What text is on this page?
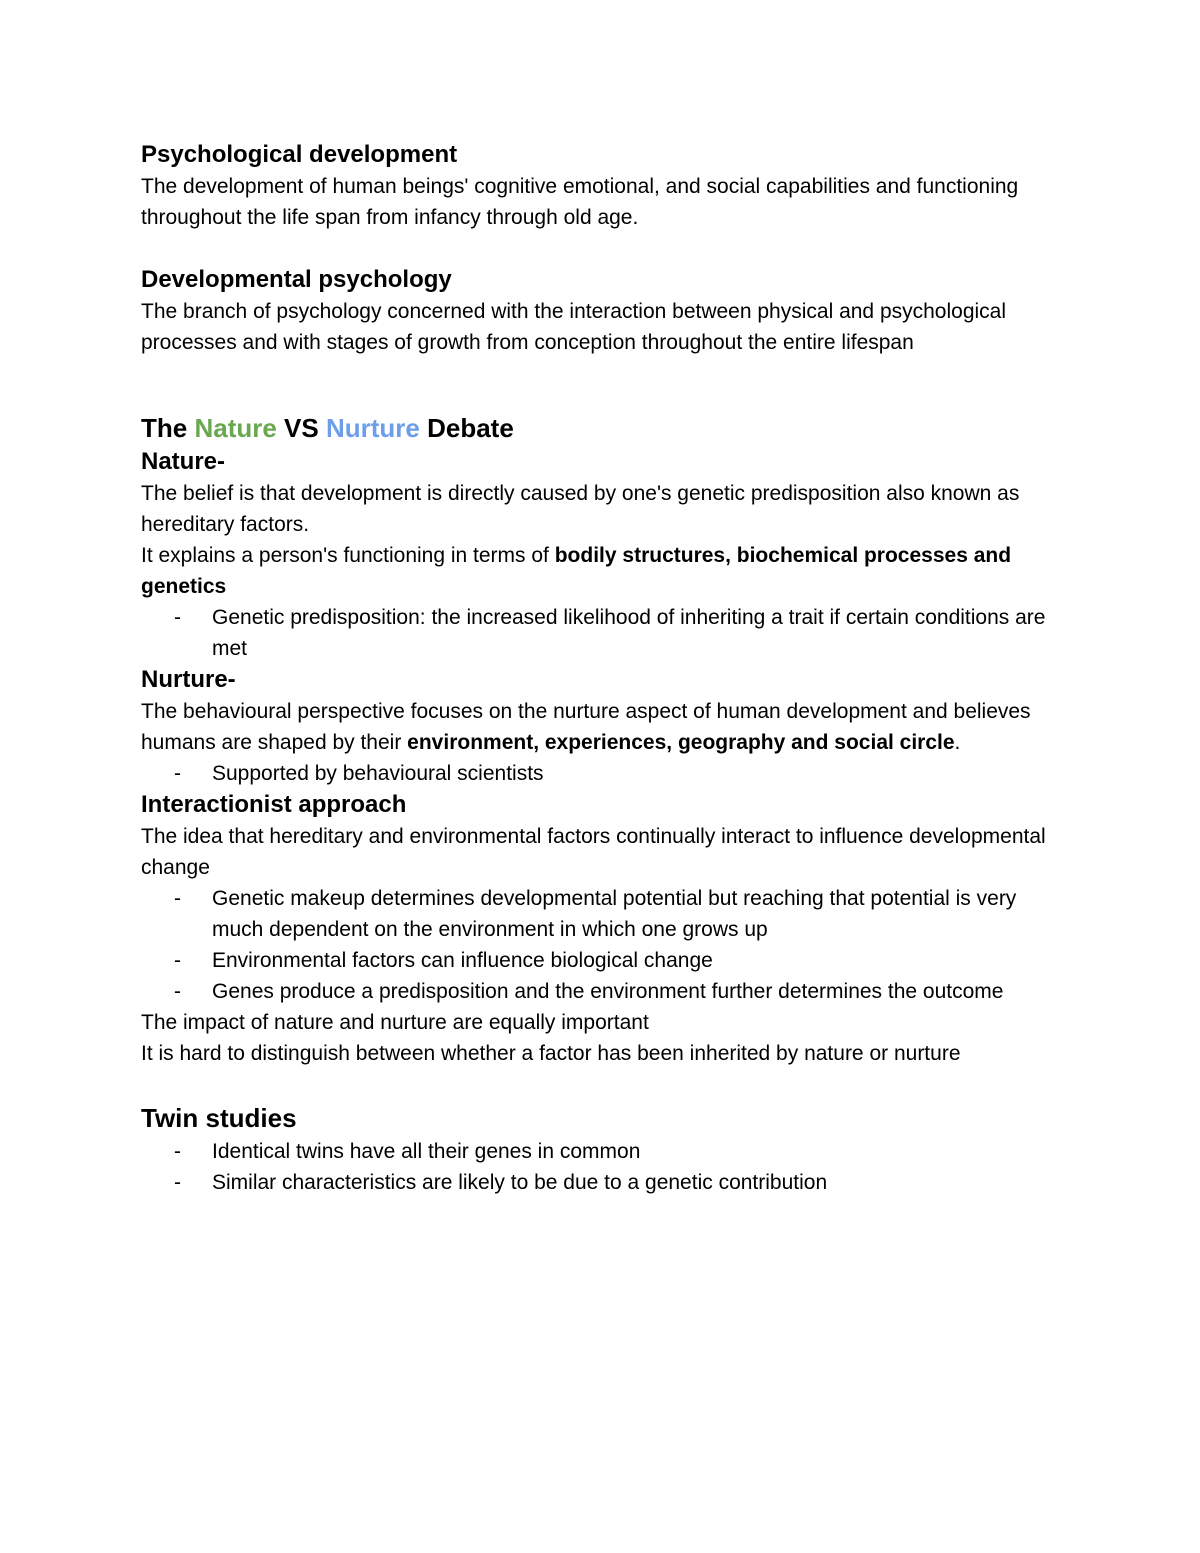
Psychological development
The development of human beings' cognitive emotional, and social capabilities and functioning throughout the life span from infancy through old age.
Developmental psychology
The branch of psychology concerned with the interaction between physical and psychological processes and with stages of growth from conception throughout the entire lifespan
The Nature VS Nurture Debate
Nature-
The belief is that development is directly caused by one's genetic predisposition also known as hereditary factors.
It explains a person's functioning in terms of bodily structures, biochemical processes and genetics
- Genetic predisposition: the increased likelihood of inheriting a trait if certain conditions are met
Nurture-
The behavioural perspective focuses on the nurture aspect of human development and believes humans are shaped by their environment, experiences, geography and social circle.
- Supported by behavioural scientists
Interactionist approach
The idea that hereditary and environmental factors continually interact to influence developmental change
- Genetic makeup determines developmental potential but reaching that potential is very much dependent on the environment in which one grows up
- Environmental factors can influence biological change
- Genes produce a predisposition and the environment further determines the outcome
The impact of nature and nurture are equally important
It is hard to distinguish between whether a factor has been inherited by nature or nurture
Twin studies
- Identical twins have all their genes in common
- Similar characteristics are likely to be due to a genetic contribution
